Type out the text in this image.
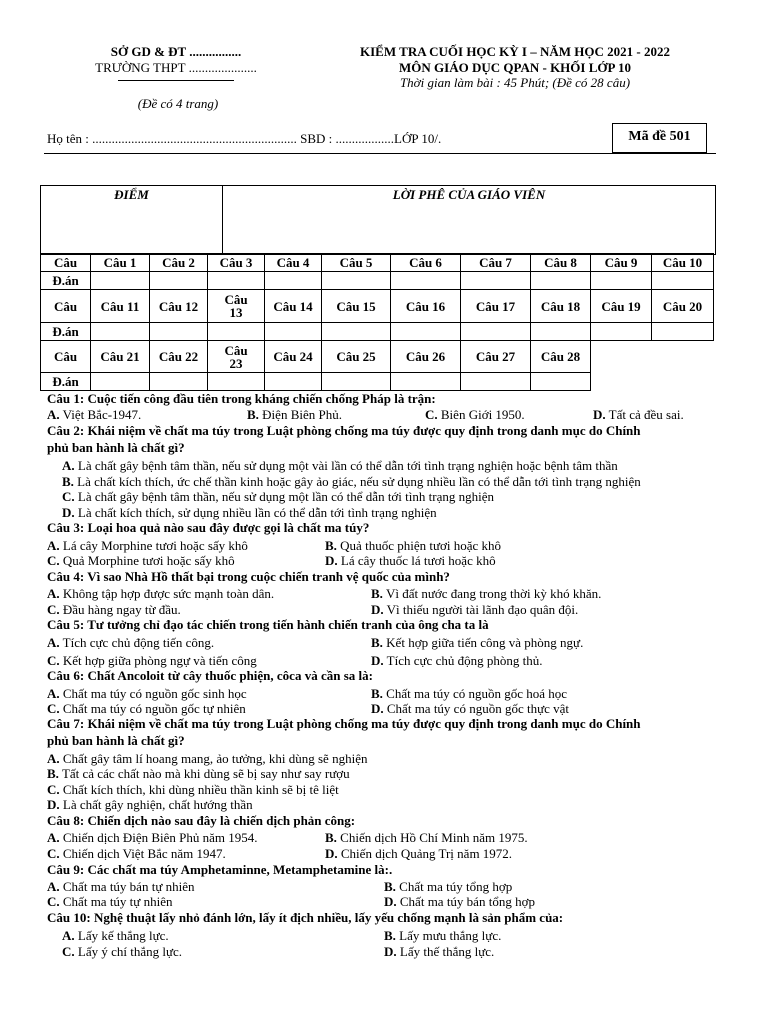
SỞ GD & ĐT ................
TRƯỜNG THPT .....................
(Đề có 4 trang)
KIỂM TRA CUỐI HỌC KỲ I – NĂM HỌC 2021 - 2022
MÔN GIÁO DỤC QPAN - KHỐI LỚP 10
Thời gian làm bài : 45 Phút; (Đề có 28 câu)
Họ tên : ............................................................... SBD : ..................LỚP 10/.	Mã đề 501
ĐIỂM	LỜI PHÊ CỦA GIÁO VIÊN
Câu	Câu 1	Câu 2	Câu 3	Câu 4	Câu 5	Câu 6	Câu 7	Câu 8	Câu 9	Câu 10
Đ.án										
Câu	Câu 11	Câu 12	Câu 13	Câu 14	Câu 15	Câu 16	Câu 17	Câu 18	Câu 19	Câu 20
Đ.án										
Câu	Câu 21	Câu 22	Câu 23	Câu 24	Câu 25	Câu 26	Câu 27	Câu 28		
Đ.án										
Câu 1: Cuộc tiến công đầu tiên trong kháng chiến chống Pháp là trận:
A. Việt Bắc-1947.	B. Điện Biên Phủ.	C. Biên Giới 1950.	D. Tất cả đều sai.
Câu 2: Khái niệm về chất ma túy trong Luật phòng chống ma túy được quy định trong danh mục do Chính
phủ ban hành là chất gì?
A. Là chất gây bệnh tâm thần, nếu sử dụng một vài lần có thể dẫn tới tình trạng nghiện hoặc bệnh tâm thần
B. Là chất kích thích, ức chế thần kinh hoặc gây ảo giác, nếu sử dụng nhiều lần có thể dẫn tới tình trạng nghiện
C. Là chất gây bệnh tâm thần, nếu sử dụng một lần có thể dẫn tới tình trạng nghiện
D. Là chất kích thích, sử dụng nhiều lần có thể dẫn tới tình trạng nghiện
Câu 3: Loại hoa quả nào sau đây được gọi là chất ma túy?
A. Lá cây Morphine tươi hoặc sấy khô	B. Quả thuốc phiện tươi hoặc khô
C. Quả Morphine tươi hoặc sấy khô	D. Lá cây thuốc lá tươi hoặc khô
Câu 4: Vì sao Nhà Hồ thất bại trong cuộc chiến tranh vệ quốc của mình?
A. Không tập hợp được sức mạnh toàn dân.	B. Vì đất nước đang trong thời kỳ khó khăn.
C. Đầu hàng ngay từ đầu.	D. Vì thiếu người tài lãnh đạo quân đội.
Câu 5: Tư tưởng chỉ đạo tác chiến trong tiến hành chiến tranh của ông cha ta là
A. Tích cực chủ động tiến công.	B. Kết hợp giữa tiến công và phòng ngự.
C. Kết hợp giữa phòng ngự và tiến công	D. Tích cực chủ động phòng thủ.
Câu 6: Chất Ancoloit từ cây thuốc phiện, côca và cần sa là:
A. Chất ma túy có nguồn gốc sinh học	B. Chất ma túy có nguồn gốc hoá học
C. Chất ma túy có nguồn gốc tự nhiên	D. Chất ma túy có nguồn gốc thực vật
Câu 7: Khái niệm về chất ma túy trong Luật phòng chống ma túy được quy định trong danh mục do Chính
phủ ban hành là chất gì?
A. Chất gây tâm lí hoang mang, ảo tưởng, khi dùng sẽ nghiện
B. Tất cả các chất nào mà khi dùng sẽ bị say như say rượu
C. Chất kích thích, khi dùng nhiều thần kinh sẽ bị tê liệt
D. Là chất gây nghiện, chất hướng thần
Câu 8: Chiến dịch nào sau đây là chiến dịch phản công:
A. Chiến dịch Điện Biên Phủ năm 1954.	B. Chiến dịch Hồ Chí Minh năm 1975.
C. Chiến dịch Việt Bắc năm 1947.	D. Chiến dịch Quảng Trị năm 1972.
Câu 9: Các chất ma túy Amphetaminne, Metamphetamine là:.
A. Chất ma túy bán tự nhiên	B. Chất ma túy tổng hợp
C. Chất ma túy tự nhiên	D. Chất ma túy bán tổng hợp
Câu 10: Nghệ thuật lấy nhỏ đánh lớn, lấy ít địch nhiều, lấy yếu chống mạnh là sản phẩm của:
A. Lấy kế thắng lực.	B. Lấy mưu thắng lực.
C. Lấy ý chí thắng lực.	D. Lấy thế thắng lực.
